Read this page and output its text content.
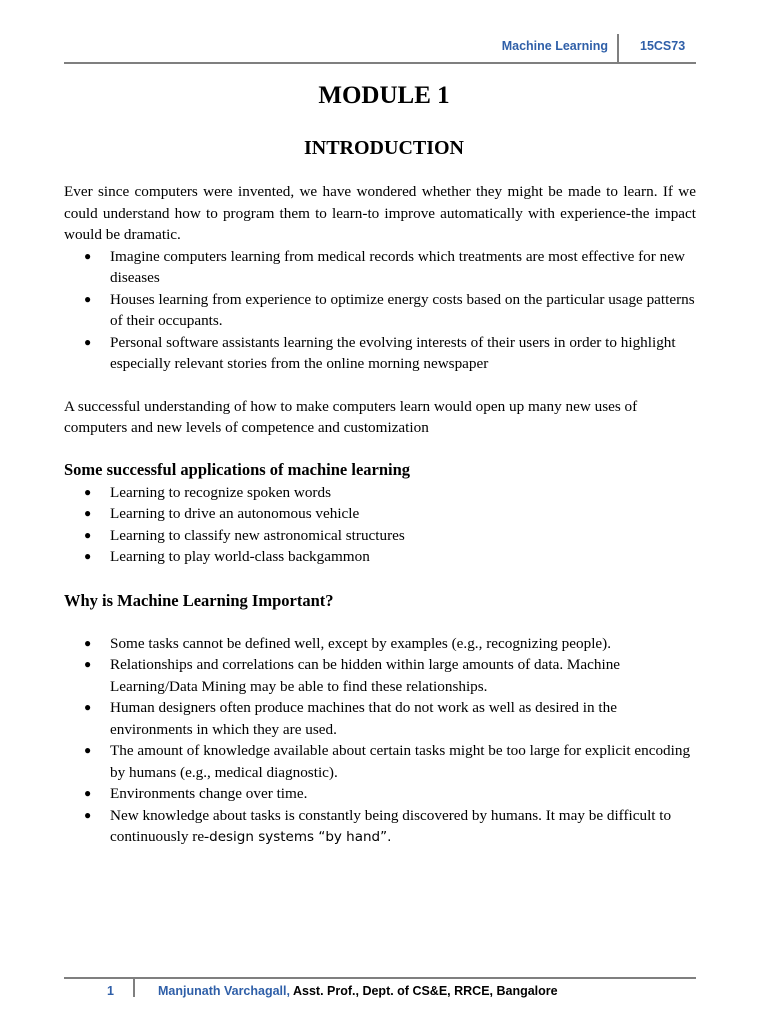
Machine Learning	15CS73
MODULE 1
INTRODUCTION

Ever since computers were invented, we have wondered whether they might be made to learn. If we could understand how to program them to learn-to improve automatically with experience-the impact would be dramatic.

● Imagine computers learning from medical records which treatments are most effective for new diseases
● Houses learning from experience to optimize energy costs based on the particular usage patterns of their occupants.
● Personal software assistants learning the evolving interests of their users in order to highlight especially relevant stories from the online morning newspaper

A successful understanding of how to make computers learn would open up many new uses of computers and new levels of competence and customization

Some successful applications of machine learning
● Learning to recognize spoken words
● Learning to drive an autonomous vehicle
● Learning to classify new astronomical structures
● Learning to play world-class backgammon
Why is Machine Learning Important?
● Some tasks cannot be defined well, except by examples (e.g., recognizing people).
● Relationships and correlations can be hidden within large amounts of data. Machine Learning/Data Mining may be able to find these relationships.
● Human designers often produce machines that do not work as well as desired in the environments in which they are used.
● The amount of knowledge available about certain tasks might be too large for explicit encoding by humans (e.g., medical diagnostic).
● Environments change over time.
● New knowledge about tasks is constantly being discovered by humans. It may be difficult to continuously re-design systems “by hand”.
1	Manjunath Varchagall, Asst. Prof., Dept. of CS&E, RRCE, Bangalore
